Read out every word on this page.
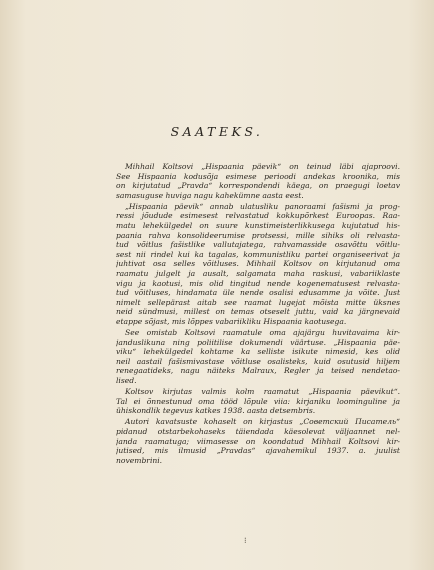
SAATEKS.
Mihhail Koltsovi „Hispaania päevik“ on teinud läbi ajaproovi.
See Hispaania kodusõja esimese perioodi andekas kroonika, mis
on kirjutatud „Pravda“ korrespondendi käega, on praegugi loetav
samasuguse huviga nagu kahekümne aasta eest.
„Hispaania päevik“ annab ulatusliku panoraami fašismi ja prog-
ressi jõudude esimesest relvastatud kokkupõrkest Euroopas. Raa-
matu lehekülgedel on suure kunstimeisterlikkusega kujutatud his-
paania rahva konsolideerumise protsessi, mille sihiks oli relvasta-
tud võitlus fašistlike vallutajatega, rahvamasside osavõttu võitlu-
sest nii rindel kui ka tagalas, kommunistliku partei organiseerivat ja
juhtivat osa selles võitluses. Mihhail Koltsov on kirjutanud oma
raamatu julgelt ja ausalt, salgamata maha raskusi, vabariiklaste
vigu ja kaotusi, mis olid tingitud nende kogenematusest relvasta-
tud võitluses, hindamata üle nende osalisi edusamme ja võite. Just
nimelt sellepärast aitab see raamat lugejat mõista mitte üksnes
neid sündmusi, millest on temas otseselt juttu, vaid ka järgnevaid
etappe sõjast, mis lõppes vabariikliku Hispaania kaotusega.
See omistab Koltsovi raamatule oma ajajärgu huvitavaima kir-
janduslikuna ning poliitilise dokumendi väärtuse. „Hispaania päe-
viku“ lehekülgedel kohtame ka selliste isikute nimesid, kes olid
neil aastail fašismivastase võitluse osalisteks, kuid osutusid hiljem
renegaatideks, nagu näiteks Malraux, Regler ja teised nendetao-
lised.
Koltsov kirjutas valmis kolm raamatut „Hispaania päevikut“.
Tal ei õnnestunud oma tööd lõpule viia: kirjaniku loominguline ja
ühiskondlik tegevus katkes 1938. aasta detsembris.
Autori kavatsuste kohaselt on kirjastus „Советский Писатель“
pidanud otstarbekohaseks täiendada käesolevat väljaannet nel-
janda raamatuga; viimasesse on koondatud Mihhail Koltsovi kir-
jutised, mis ilmusid „Pravdas“ ajavahemikul 1937. a. juulist
novembrini.
⁝
